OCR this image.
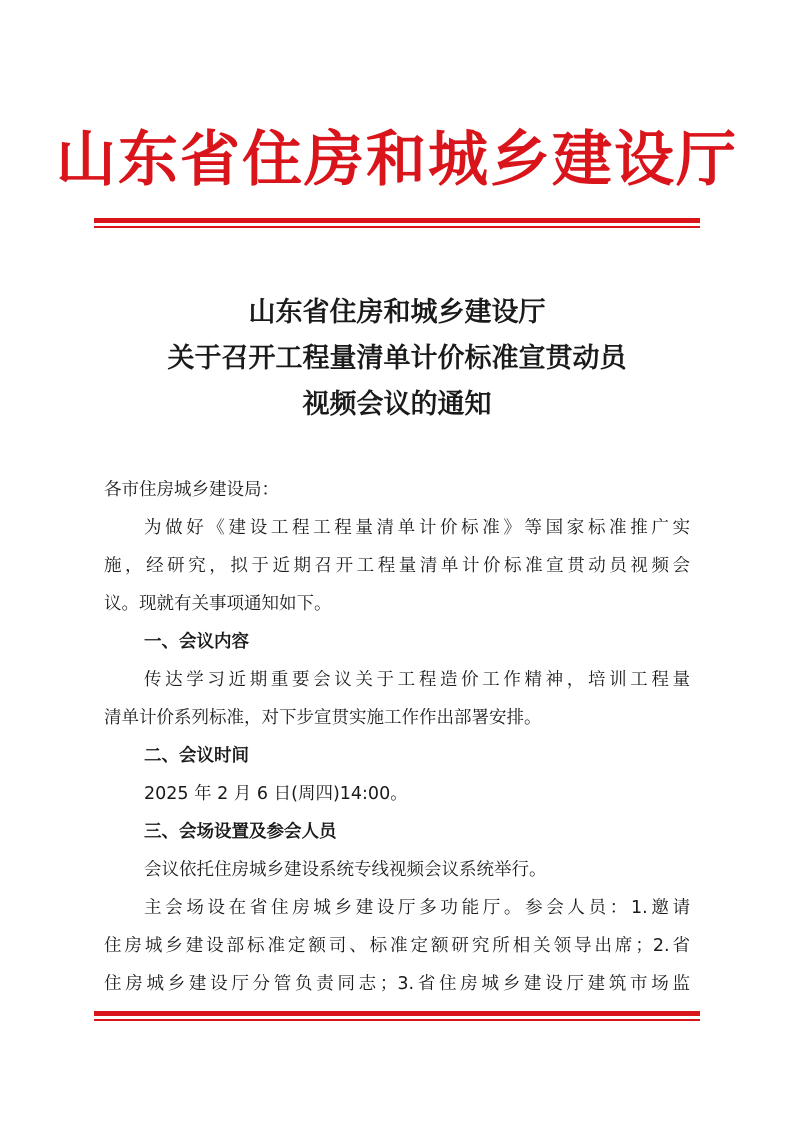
山东省住房和城乡建设厅
山东省住房和城乡建设厅
关于召开工程量清单计价标准宣贯动员
视频会议的通知
各市住房城乡建设局：
为做好《建设工程工程量清单计价标准》等国家标准推广实
施，经研究，拟于近期召开工程量清单计价标准宣贯动员视频会
议。现就有关事项通知如下。
一、会议内容
传达学习近期重要会议关于工程造价工作精神，培训工程量
清单计价系列标准，对下步宣贯实施工作作出部署安排。
二、会议时间
2025 年 2 月 6 日(周四)14:00。
三、会场设置及参会人员
会议依托住房城乡建设系统专线视频会议系统举行。
主会场设在省住房城乡建设厅多功能厅。参会人员：1.邀请
住房城乡建设部标准定额司、标准定额研究所相关领导出席；2.省
住房城乡建设厅分管负责同志；3.省住房城乡建设厅建筑市场监
